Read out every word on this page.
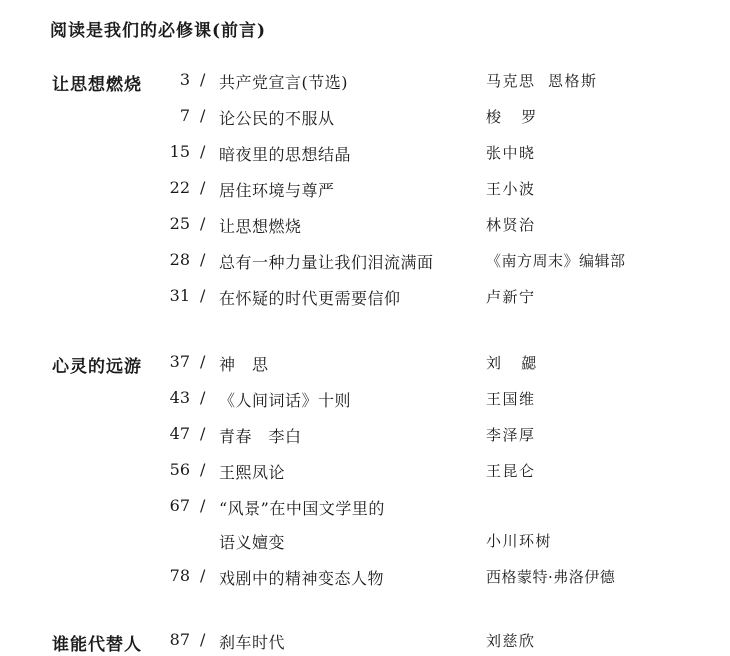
阅读是我们的必修课(前言)
让思想燃烧	3 / 共产党宣言(节选)	马克思  恩格斯
7 / 论公民的不服从	梭   罗
15 / 暗夜里的思想结晶	张中晓
22 / 居住环境与尊严	王小波
25 / 让思想燃烧	林贤治
28 / 总有一种力量让我们泪流满面	《南方周末》编辑部
31 / 在怀疑的时代更需要信仰	卢新宁
心灵的远游	37 / 神　思	刘   勰
43 / 《人间词话》十则	王国维
47 / 青春　李白	李泽厚
56 / 王熙凤论	王昆仑
67 / “风景”在中国文学里的
语义嬗变	小川环树
78 / 戏剧中的精神变态人物	西格蒙特·弗洛伊德
谁能代替人	87 / 刹车时代	刘慈欣
